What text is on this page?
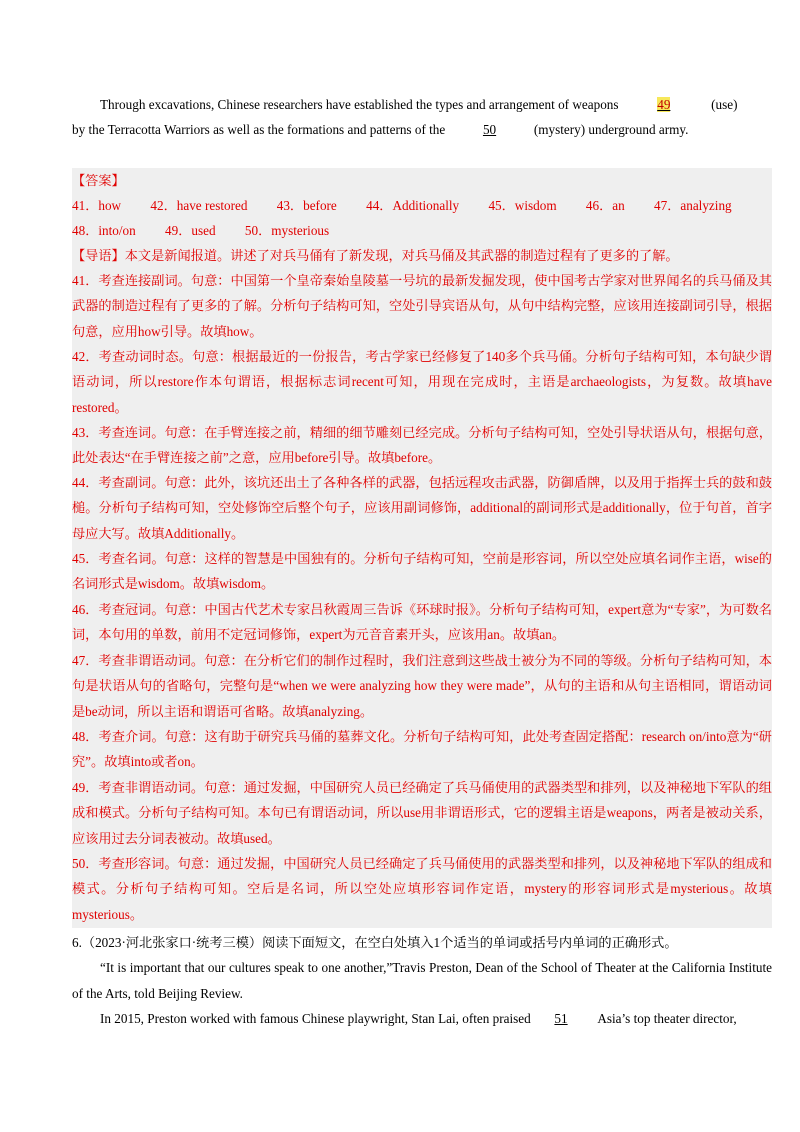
Through excavations, Chinese researchers have established the types and arrangement of weapons	49	(use)
by the Terracotta Warriors as well as the formations and patterns of the	50	(mystery) underground army.
【答案】
41．how 42．have restored 43．before 44．Additionally 45．wisdom 46．an 47．analyzing
48．into/on 49．used 50．mysterious
【导语】本文是新闻报道。讲述了对兵马俑有了新发现，对兵马俑及其武器的制造过程有了更多的了解。
41．考查连接副词。句意：中国第一个皇帝秦始皇陵墓一号坑的最新发掘发现，使中国考古学家对世界闻名的兵马俑及其武器的制造过程有了更多的了解。分析句子结构可知，空处引导宾语从句，从句中结构完整，应该用连接副词引导，根据句意，应用how引导。故填how。
42．考查动词时态。句意：根据最近的一份报告，考古学家已经修复了140多个兵马俑。分析句子结构可知，本句缺少谓语动词，所以restore作本句谓语，根据标志词recent可知，用现在完成时，主语是archaeologists，为复数。故填have restored。
43．考查连词。句意：在手臂连接之前，精细的细节雕刻已经完成。分析句子结构可知，空处引导状语从句，根据句意，此处表达“在手臂连接之前”之意，应用before引导。故填before。
44．考查副词。句意：此外，该坑还出土了各种各样的武器，包括远程攻击武器，防御盾牌，以及用于指挥士兵的鼓和鼓槌。分析句子结构可知，空处修饰空后整个句子，应该用副词修饰，additional的副词形式是additionally，位于句首，首字母应大写。故填Additionally。
45．考查名词。句意：这样的智慧是中国独有的。分析句子结构可知，空前是形容词，所以空处应填名词作主语，wise的名词形式是wisdom。故填wisdom。
46．考查冠词。句意：中国古代艺术专家吕秋霞周三告诉《环球时报》。分析句子结构可知，expert意为“专家”，为可数名词，本句用的单数，前用不定冠词修饰，expert为元音音素开头，应该用an。故填an。
47．考查非谓语动词。句意：在分析它们的制作过程时，我们注意到这些战士被分为不同的等级。分析句子结构可知，本句是状语从句的省略句，完整句是“when we were analyzing how they were made”，从句的主语和从句主语相同，谓语动词是be动词，所以主语和谓语可省略。故填analyzing。
48．考查介词。句意：这有助于研究兵马俑的墓葬文化。分析句子结构可知，此处考查固定搭配：research on/into意为“研究”。故填into或者on。
49．考查非谓语动词。句意：通过发掘，中国研究人员已经确定了兵马俑使用的武器类型和排列，以及神秘地下军队的组成和模式。分析句子结构可知。本句已有谓语动词，所以use用非谓语形式，它的逻辑主语是weapons，两者是被动关系，应该用过去分词表被动。故填used。
50．考查形容词。句意：通过发掘，中国研究人员已经确定了兵马俑使用的武器类型和排列，以及神秘地下军队的组成和模式。分析句子结构可知。空后是名词，所以空处应填形容词作定语，mystery的形容词形式是mysterious。故填mysterious。
6.（2023·河北张家口·统考三模）阅读下面短文，在空白处填入1个适当的单词或括号内单词的正确形式。
“It is important that our cultures speak to one another,”Travis Preston, Dean of the School of Theater at the California Institute of the Arts, told Beijing Review.
In 2015, Preston worked with famous Chinese playwright, Stan Lai, often praised 51 Asia’s top theater director,
